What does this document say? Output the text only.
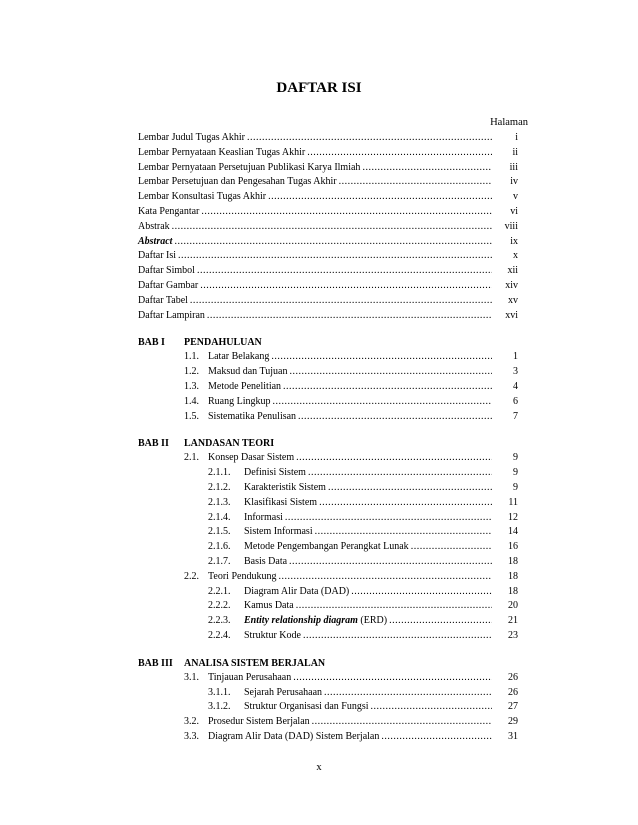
DAFTAR ISI
Halaman
Lembar Judul Tugas Akhir .....	i
Lembar Pernyataan Keaslian Tugas Akhir .....	ii
Lembar Pernyataan Persetujuan Publikasi Karya Ilmiah .....	iii
Lembar Persetujuan dan Pengesahan Tugas Akhir .....	iv
Lembar Konsultasi Tugas Akhir .....	v
Kata Pengantar .....	vi
Abstrak .....	viii
Abstract .....	ix
Daftar Isi .....	x
Daftar Simbol .....	xii
Daftar Gambar .....	xiv
Daftar Tabel .....	xv
Daftar Lampiran .....	xvi
BAB I	PENDAHULUAN
1.1. Latar Belakang .....	1
1.2. Maksud dan Tujuan .....	3
1.3. Metode Penelitian .....	4
1.4. Ruang Lingkup .....	6
1.5. Sistematika Penulisan .....	7
BAB II	LANDASAN TEORI
2.1. Konsep Dasar Sistem .....	9
2.1.1. Definisi Sistem .....	9
2.1.2. Karakteristik Sistem .....	9
2.1.3. Klasifikasi Sistem .....	11
2.1.4. Informasi .....	12
2.1.5. Sistem Informasi .....	14
2.1.6. Metode Pengembangan Perangkat Lunak .....	16
2.1.7. Basis Data .....	18
2.2. Teori Pendukung .....	18
2.2.1. Diagram Alir Data (DAD) .....	18
2.2.2. Kamus Data .....	20
2.2.3. Entity relationship diagram (ERD) .....	21
2.2.4. Struktur Kode .....	23
BAB III	ANALISA SISTEM BERJALAN
3.1. Tinjauan Perusahaan .....	26
3.1.1. Sejarah Perusahaan .....	26
3.1.2. Struktur Organisasi dan Fungsi .....	27
3.2. Prosedur Sistem Berjalan .....	29
3.3. Diagram Alir Data (DAD) Sistem Berjalan .....	31
x
